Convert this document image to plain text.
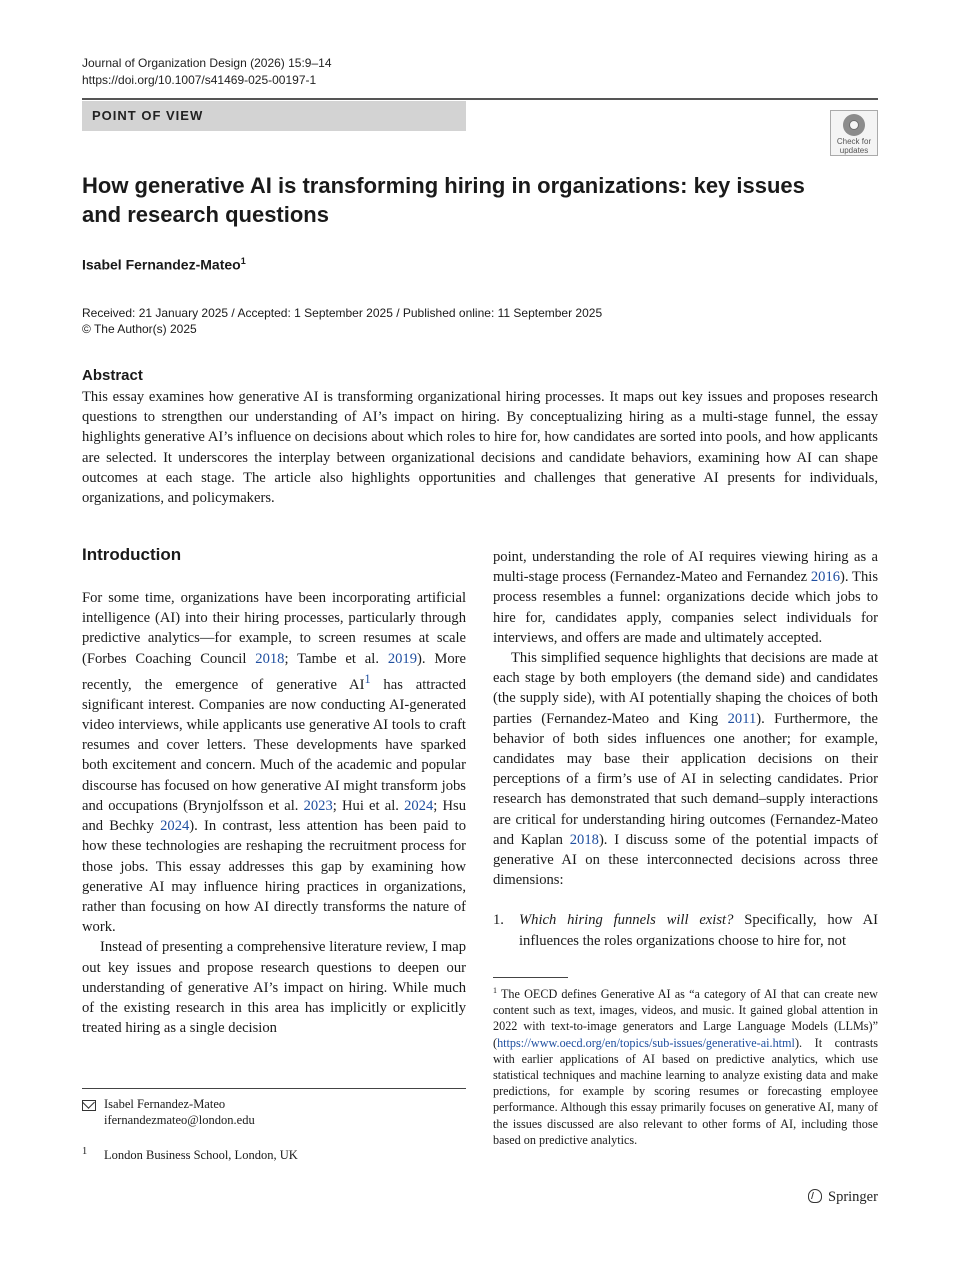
Journal of Organization Design (2026) 15:9–14
https://doi.org/10.1007/s41469-025-00197-1
POINT OF VIEW
Check for
updates
How generative AI is transforming hiring in organizations: key issues
and research questions
Isabel Fernandez-Mateo$^1$
Received: 21 January 2025 / Accepted: 1 September 2025 / Published online: 11 September 2025
© The Author(s) 2025
Abstract
This essay examines how generative AI is transforming organizational hiring processes. It maps out key issues and proposes research questions to strengthen our understanding of AI’s impact on hiring. By conceptualizing hiring as a multi-stage funnel, the essay highlights generative AI’s influence on decisions about which roles to hire for, how candidates are sorted into pools, and how applicants are selected. It underscores the interplay between organizational decisions and candidate behaviors, examining how AI can shape outcomes at each stage. The article also highlights opportunities and challenges that generative AI presents for individuals, organizations, and policymakers.
Introduction

For some time, organizations have been incorporating artificial intelligence (AI) into their hiring processes, particularly through predictive analytics—for example, to screen resumes at scale (Forbes Coaching Council 2018; Tambe et al. 2019). More recently, the emergence of generative AI$^1$ has attracted significant interest. Companies are now conducting AI-generated video interviews, while applicants use generative AI tools to craft resumes and cover letters. These developments have sparked both excitement and concern. Much of the academic and popular discourse has focused on how generative AI might transform jobs and occupations (Brynjolfsson et al. 2023; Hui et al. 2024; Hsu and Bechky 2024). In contrast, less attention has been paid to how these technologies are reshaping the recruitment process for those jobs. This essay addresses this gap by examining how generative AI may influence hiring practices in organizations, rather than focusing on how AI directly transforms the nature of work.

Instead of presenting a comprehensive literature review, I map out key issues and propose research questions to deepen our understanding of generative AI’s impact on hiring. While much of the existing research in this area has implicitly or explicitly treated hiring as a single decision

point, understanding the role of AI requires viewing hiring as a multi-stage process (Fernandez-Mateo and Fernandez 2016). This process resembles a funnel: organizations decide which jobs to hire for, candidates apply, companies select individuals for interviews, and offers are made and ultimately accepted.

This simplified sequence highlights that decisions are made at each stage by both employers (the demand side) and candidates (the supply side), with AI potentially shaping the choices of both parties (Fernandez-Mateo and King 2011). Furthermore, the behavior of both sides influences one another; for example, candidates may base their application decisions on their perceptions of a firm’s use of AI in selecting candidates. Prior research has demonstrated that such demand–supply interactions are critical for understanding hiring outcomes (Fernandez-Mateo and Kaplan 2018). I discuss some of the potential impacts of generative AI on these interconnected decisions across three dimensions:

1. Which hiring funnels will exist? Specifically, how AI influences the roles organizations choose to hire for, not
$^1$ The OECD defines Generative AI as “a category of AI that can create new content such as text, images, videos, and music. It gained global attention in 2022 with text-to-image generators and Large Language Models (LLMs)” (https://www.oecd.org/en/topics/sub-issues/generative-ai.html). It contrasts with earlier applications of AI based on predictive analytics, which use statistical techniques and machine learning to analyze existing data and make predictions, for example by scoring resumes or forecasting employee performance. Although this essay primarily focuses on generative AI, many of the issues discussed are also relevant to other forms of AI, including those based on predictive analytics.
Isabel Fernandez-Mateo
ifernandezmateo@london.edu
$^1$ London Business School, London, UK
Springer
